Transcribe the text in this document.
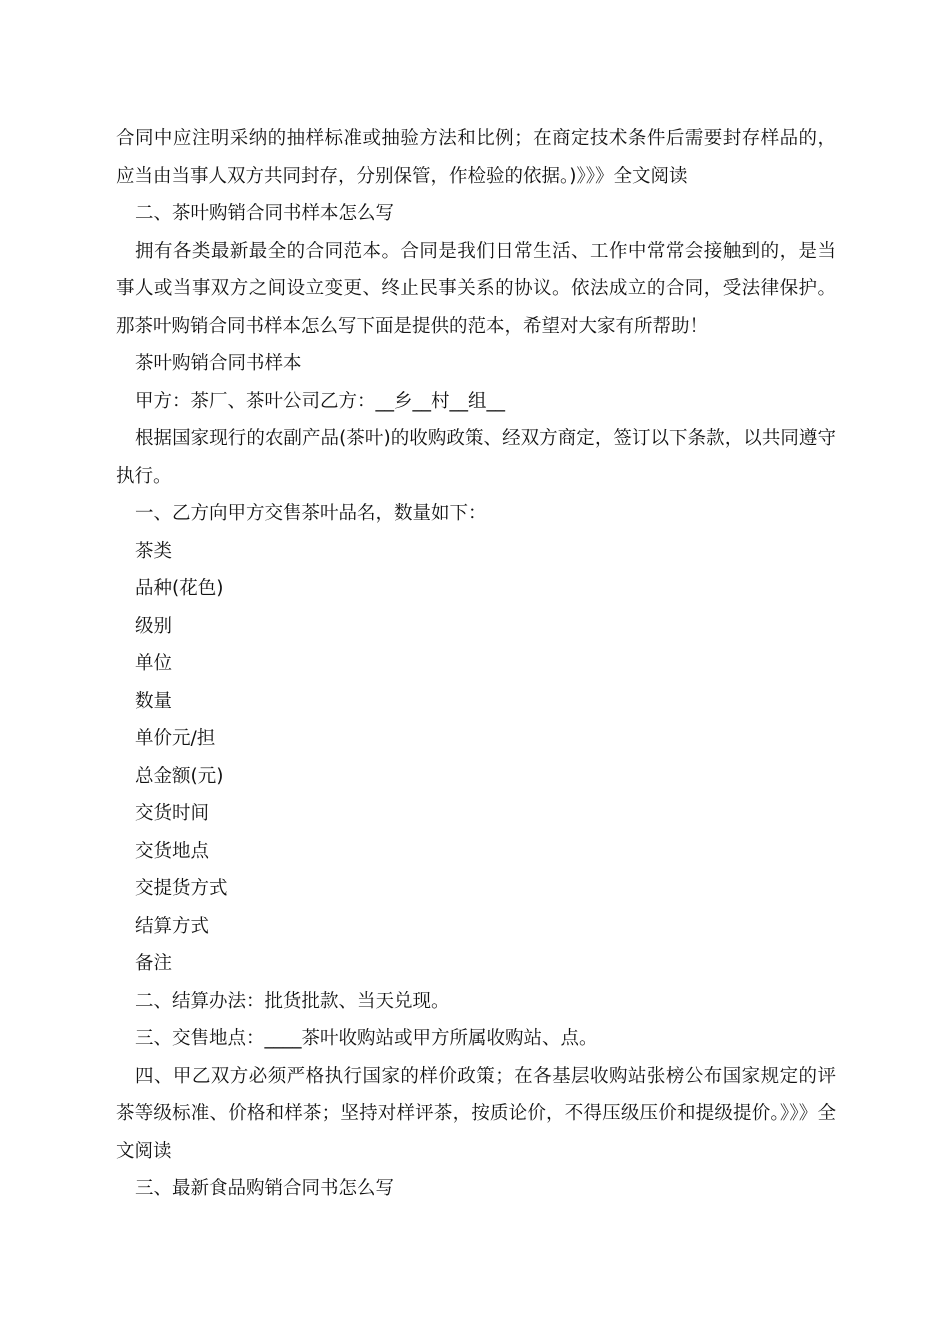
合同中应注明采纳的抽样标准或抽验方法和比例；在商定技术条件后需要封存样品的，应当由当事人双方共同封存，分别保管，作检验的依据。)》》》全文阅读

二、茶叶购销合同书样本怎么写

拥有各类最新最全的合同范本。合同是我们日常生活、工作中常常会接触到的，是当事人或当事双方之间设立变更、终止民事关系的协议。依法成立的合同，受法律保护。那茶叶购销合同书样本怎么写下面是提供的范本，希望对大家有所帮助！

茶叶购销合同书样本

甲方：茶厂、茶叶公司乙方：__乡__村__组__

根据国家现行的农副产品(茶叶)的收购政策、经双方商定，签订以下条款，以共同遵守执行。

一、乙方向甲方交售茶叶品名，数量如下：

茶类

品种(花色)

级别

单位

数量

单价元/担

总金额(元)

交货时间

交货地点

交提货方式

结算方式

备注

二、结算办法：批货批款、当天兑现。

三、交售地点：____茶叶收购站或甲方所属收购站、点。

四、甲乙双方必须严格执行国家的样价政策；在各基层收购站张榜公布国家规定的评茶等级标准、价格和样茶；坚持对样评茶，按质论价，不得压级压价和提级提价。》》》全文阅读

三、最新食品购销合同书怎么写
